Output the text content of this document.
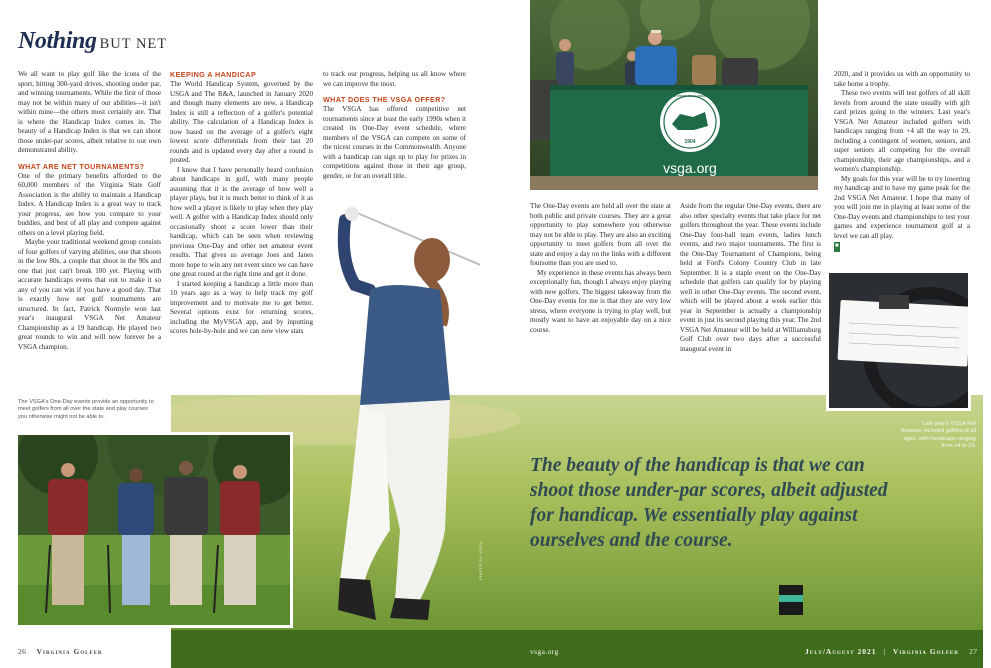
Nothing BUT NET

We all want to play golf like the icons of the sport, hitting 300-yard drives, shooting under par, and winning tournaments. While the first of those may not be within many of our abilities—it isn't within mine—the others most certainly are. That is where the Handicap Index comes in. The beauty of a Handicap Index is that we can shoot those under-par scores, albeit relative to our own demonstrated ability.

WHAT ARE NET TOURNAMENTS?

One of the primary benefits afforded to the 60,000 members of the Virginia State Golf Association is the ability to maintain a Handicap Index. A Handicap Index is a great way to track your progress, see how you compare to your buddies, and best of all play and compete against others on a level playing field.

Maybe your traditional weekend group consists of four golfers of varying abilities, one that shoots in the low 80s, a couple that shoot in the 90s and one that just can't break 100 yet. Playing with accurate handicaps evens that out to make it so any of you can win if you have a good day. That is exactly how net golf tournaments are structured. In fact, Patrick Normyle won last year's inaugural VSGA Net Amateur Championship as a 19 handicap. He played two great rounds to win and will now forever be a VSGA champion.

KEEPING A HANDICAP

The World Handicap System, governed by the USGA and The R&A, launched in January 2020 and though many elements are new, a Handicap Index is still a reflection of a golfer's potential ability. The calculation of a Handicap Index is now based on the average of a golfer's eight lowest score differentials from their last 20 rounds and is updated every day after a round is posted.

I know that I have personally heard confusion about handicaps in golf, with many people assuming that it is the average of how well a player plays, but it is much better to think of it as how well a player is likely to play when they play well. A golfer with a Handicap Index should only occasionally shoot a score lower than their handicap, which can be seen when reviewing previous One-Day and other net amateur event results. That gives us average Joes and Janes more hope to win any net event since we can have one great round at the right time and get it done.

I started keeping a handicap a little more than 10 years ago as a way to help track my golf improvement and to motivate me to get better. Several options exist for returning scores, including the MyVSGA app, and by inputting scores hole-by-hole and we can now view stats

to track our progress, helping us all know where we can improve the most.

WHAT DOES THE VSGA OFFER?

The VSGA has offered competitive net tournaments since at least the early 1990s when it created its One-Day event schedule, where members of the VSGA can compete on some of the nicest courses in the Commonwealth. Anyone with a handicap can sign up to play for prizes in competitions against those in their age group, gender, or for an overall title.	vsga.org
1904
VIRGINIA STATE GOLF ASSOCIATION

2020, and it provides us with an opportunity to take home a trophy.

These two events will test golfers of all skill levels from around the state usually with gift card prizes going to the winners. Last year's VSGA Net Amateur included golfers with handicaps ranging from +4 all the way to 29, including a contingent of women, seniors, and super seniors all competing for the overall championship, their age championships, and a women's championship.

My goals for this year will be to try lowering my handicap and to have my game peak for the 2nd VSGA Net Amateur. I hope that many of you will join me in playing at least some of the One-Day events and championships to test your games and experience tournament golf at a level we can all play.

■

The One-Day events are held all over the state at both public and private courses. They are a great opportunity to play somewhere you otherwise may not be able to play. They are also an exciting opportunity to meet golfers from all over the state and enjoy a day on the links with a different foursome than you are used to.

My experience in these events has always been exceptionally fun, though I always enjoy playing with new golfers. The biggest takeaway from the One-Day events for me is that they are very low stress, where everyone is trying to play well, but mostly want to have an enjoyable day on a nice course.

Aside from the regular One-Day events, there are also other specialty events that take place for net golfers throughout the year. These events include One-Day four-ball team events, ladies lunch events, and two major tournaments. The first is the One-Day Tournament of Champions, being held at Ford's Colony Country Club in late September. It is a staple event on the One-Day schedule that golfers can qualify for by playing well in other One-Day events. The second event, which will be played about a week earlier this year in September is actually a championship event in just its second playing this year. The 2nd VSGA Net Amateur will be held at Williamsburg Golf Club over two days after a successful inaugural event in

Last year's VSGA Net Amateur included golfers of all ages, with handicaps ranging from +4 to 29.
The VSGA's One-Day events provide an opportunity to meet golfers from all over the state and play courses you otherwise might not be able to.
The beauty of the handicap is that we can shoot those under-par scores, albeit adjusted for handicap. We essentially play against ourselves and the course.
PHOTO BY VSGA
26 Virginia Golfer	vsga.org	July/August 2021 | Virginia Golfer 27
